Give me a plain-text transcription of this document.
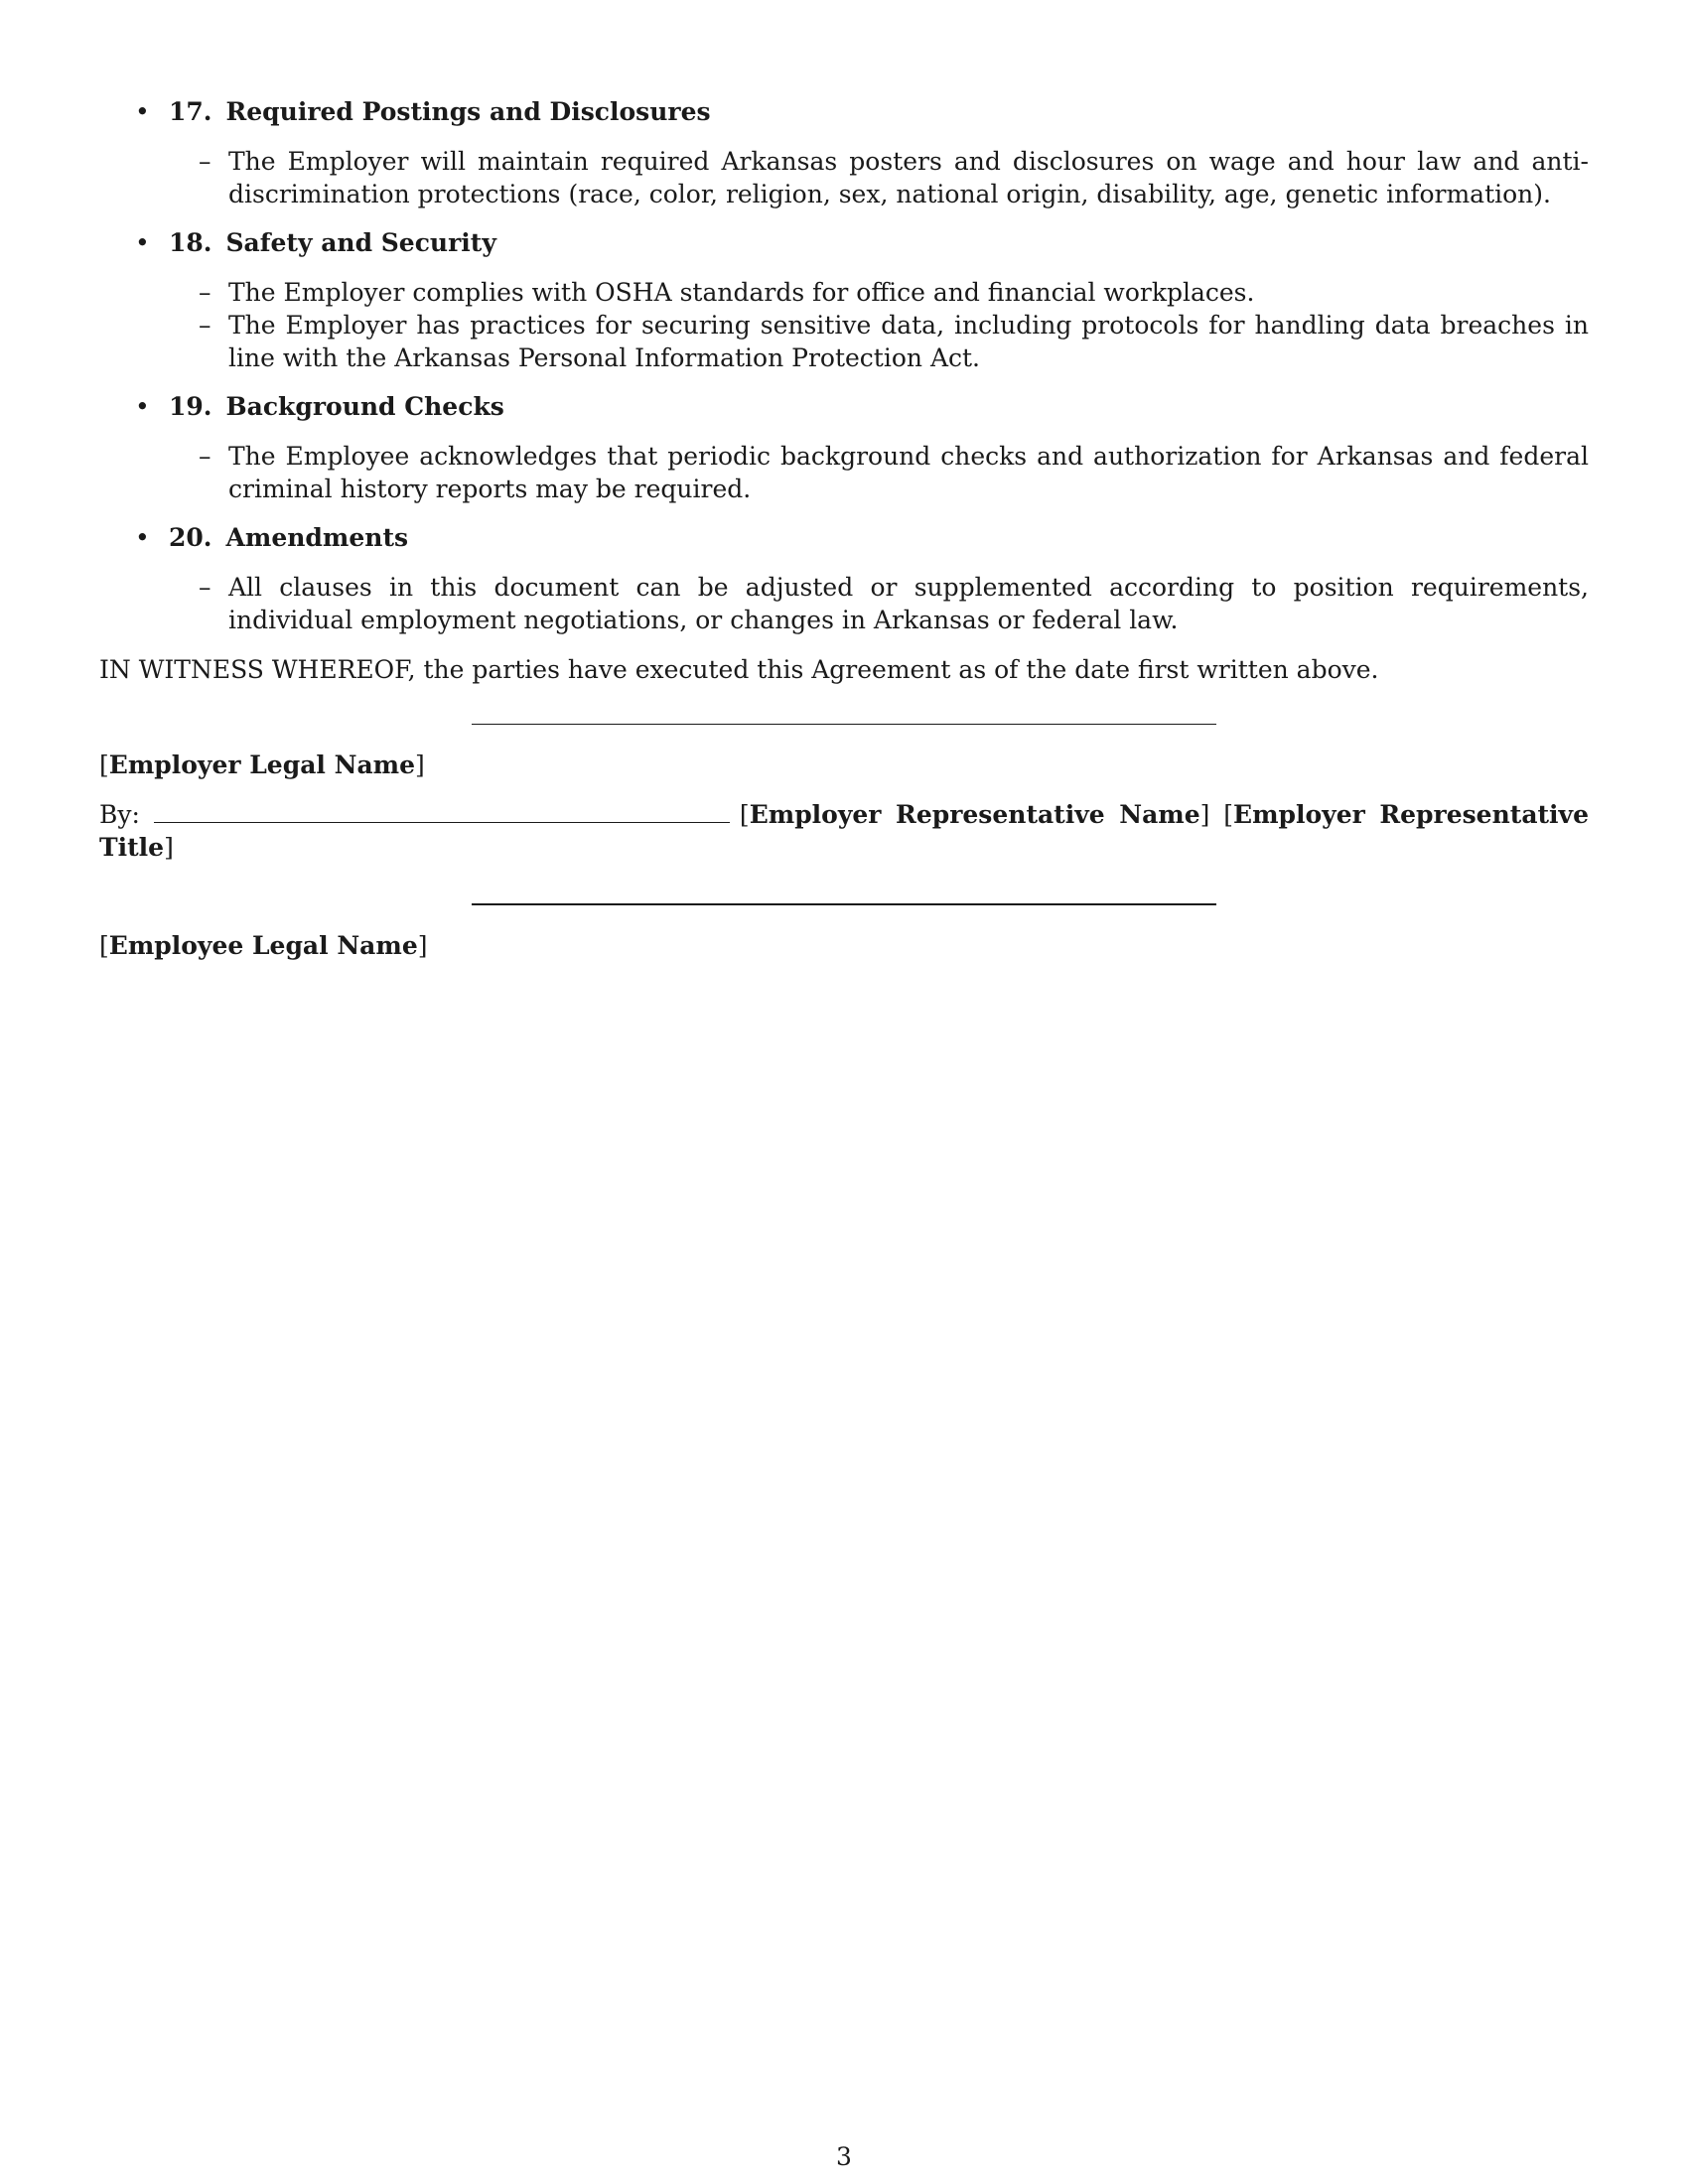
• 17. Required Postings and Disclosures

– The Employer will maintain required Arkansas posters and disclosures on wage and hour law and anti-discrimination protections (race, color, religion, sex, national origin, disability, age, genetic information).

• 18. Safety and Security

– The Employer complies with OSHA standards for office and financial workplaces.

– The Employer has practices for securing sensitive data, including protocols for handling data breaches in line with the Arkansas Personal Information Protection Act.

• 19. Background Checks

– The Employee acknowledges that periodic background checks and authorization for Arkansas and federal criminal history reports may be required.

• 20. Amendments

– All clauses in this document can be adjusted or supplemented according to position requirements, individual employment negotiations, or changes in Arkansas or federal law.

IN WITNESS WHEREOF, the parties have executed this Agreement as of the date first written above.

[Employer Legal Name]
By:	[Employer Representative Name] [Employer Representative Title]
[Employee Legal Name]
3
